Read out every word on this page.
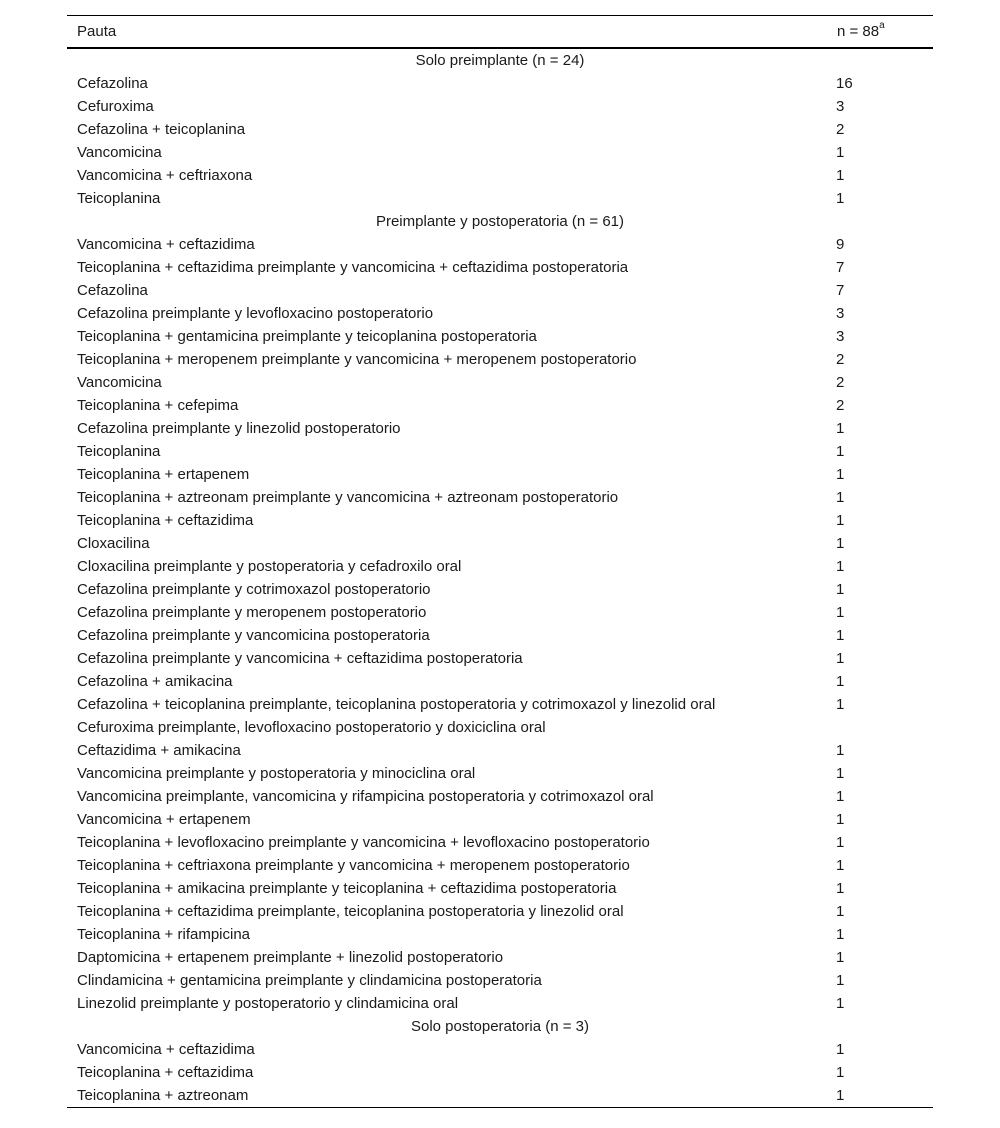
Pauta	$n = 88^a$
Solo preimplante (n = 24)	
Cefazolina	16
Cefuroxima	3
Cefazolina + teicoplanina	2
Vancomicina	1
Vancomicina + ceftriaxona	1
Teicoplanina	1
Preimplante y postoperatoria (n = 61)	
Vancomicina + ceftazidima	9
Teicoplanina + ceftazidima preimplante y vancomicina + ceftazidima postoperatoria	7
Cefazolina	7
Cefazolina preimplante y levofloxacino postoperatorio	3
Teicoplanina + gentamicina preimplante y teicoplanina postoperatoria	3
Teicoplanina + meropenem preimplante y vancomicina + meropenem postoperatorio	2
Vancomicina	2
Teicoplanina + cefepima	2
Cefazolina preimplante y linezolid postoperatorio	1
Teicoplanina	1
Teicoplanina + ertapenem	1
Teicoplanina + aztreonam preimplante y vancomicina + aztreonam postoperatorio	1
Teicoplanina + ceftazidima	1
Cloxacilina	1
Cloxacilina preimplante y postoperatoria y cefadroxilo oral	1
Cefazolina preimplante y cotrimoxazol postoperatorio	1
Cefazolina preimplante y meropenem postoperatorio	1
Cefazolina preimplante y vancomicina postoperatoria	1
Cefazolina preimplante y vancomicina + ceftazidima postoperatoria	1
Cefazolina + amikacina	1
Cefazolina + teicoplanina preimplante, teicoplanina postoperatoria y cotrimoxazol y linezolid oral	1
Cefuroxima preimplante, levofloxacino postoperatorio y doxiciclina oral	
Ceftazidima + amikacina	1
Vancomicina preimplante y postoperatoria y minociclina oral	1
Vancomicina preimplante, vancomicina y rifampicina postoperatoria y cotrimoxazol oral	1
Vancomicina + ertapenem	1
Teicoplanina + levofloxacino preimplante y vancomicina + levofloxacino postoperatorio	1
Teicoplanina + ceftriaxona preimplante y vancomicina + meropenem postoperatorio	1
Teicoplanina + amikacina preimplante y teicoplanina + ceftazidima postoperatoria	1
Teicoplanina + ceftazidima preimplante, teicoplanina postoperatoria y linezolid oral	1
Teicoplanina + rifampicina	1
Daptomicina + ertapenem preimplante + linezolid postoperatorio	1
Clindamicina + gentamicina preimplante y clindamicina postoperatoria	1
Linezolid preimplante y postoperatorio y clindamicina oral	1
Solo postoperatoria (n = 3)	
Vancomicina + ceftazidima	1
Teicoplanina + ceftazidima	1
Teicoplanina + aztreonam	1
